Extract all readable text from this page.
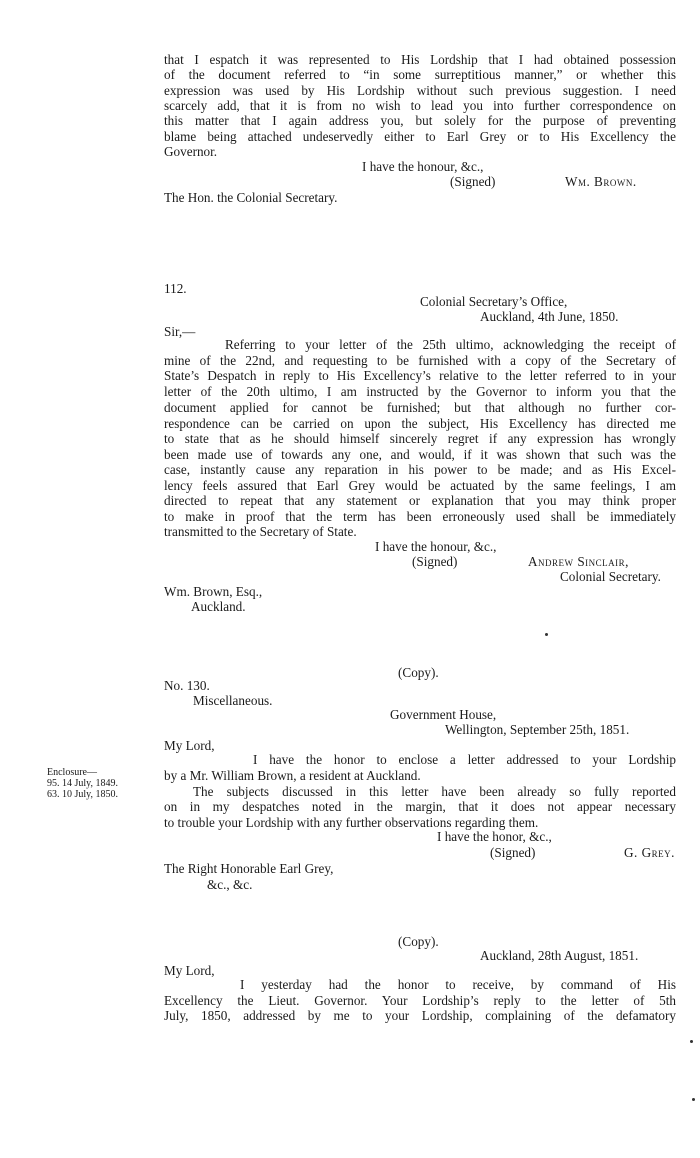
that I espatch it was represented to His Lordship that I had obtained possession
of the document referred to “in some surreptitious manner,” or whether this
expression was used by His Lordship without such previous suggestion. I need
scarcely add, that it is from no wish to lead you into further correspondence on
this matter that I again address you, but solely for the purpose of preventing
blame being attached undeservedly either to Earl Grey or to His Excellency the
Governor.
I have the honour, &c.,
(Signed)	Wm. Brown.
The Hon. the Colonial Secretary.
112.
Colonial Secretary’s Office,
Auckland, 4th June, 1850.
Sir,—
Referring to your letter of the 25th ultimo, acknowledging the receipt of
mine of the 22nd, and requesting to be furnished with a copy of the Secretary of
State’s Despatch in reply to His Excellency’s relative to the letter referred to in your
letter of the 20th ultimo, I am instructed by the Governor to inform you that the
document applied for cannot be furnished; but that although no further cor-
respondence can be carried on upon the subject, His Excellency has directed me
to state that as he should himself sincerely regret if any expression has wrongly
been made use of towards any one, and would, if it was shown that such was the
case, instantly cause any reparation in his power to be made; and as His Excel-
lency feels assured that Earl Grey would be actuated by the same feelings, I am
directed to repeat that any statement or explanation that you may think proper
to make in proof that the term has been erroneously used shall be immediately
transmitted to the Secretary of State.
I have the honour, &c.,
(Signed)	Andrew Sinclair,
Colonial Secretary.
Wm. Brown, Esq.,
Auckland.
(Copy).
No. 130.
Miscellaneous.
Government House,
Wellington, September 25th, 1851.
My Lord,
I have the honor to enclose a letter addressed to your Lordship
by a Mr. William Brown, a resident at Auckland.
The subjects discussed in this letter have been already so fully reported
on in my despatches noted in the margin, that it does not appear necessary
to trouble your Lordship with any further observations regarding them.
I have the honor, &c.,
(Signed)	G. Grey.
The Right Honorable Earl Grey,
&c., &c.
Enclosure—
95. 14 July, 1849.
63. 10 July, 1850.
(Copy).
Auckland, 28th August, 1851.
My Lord,
I yesterday had the honor to receive, by command of His
Excellency the Lieut. Governor. Your Lordship’s reply to the letter of 5th
July, 1850, addressed by me to your Lordship, complaining of the defamatory
